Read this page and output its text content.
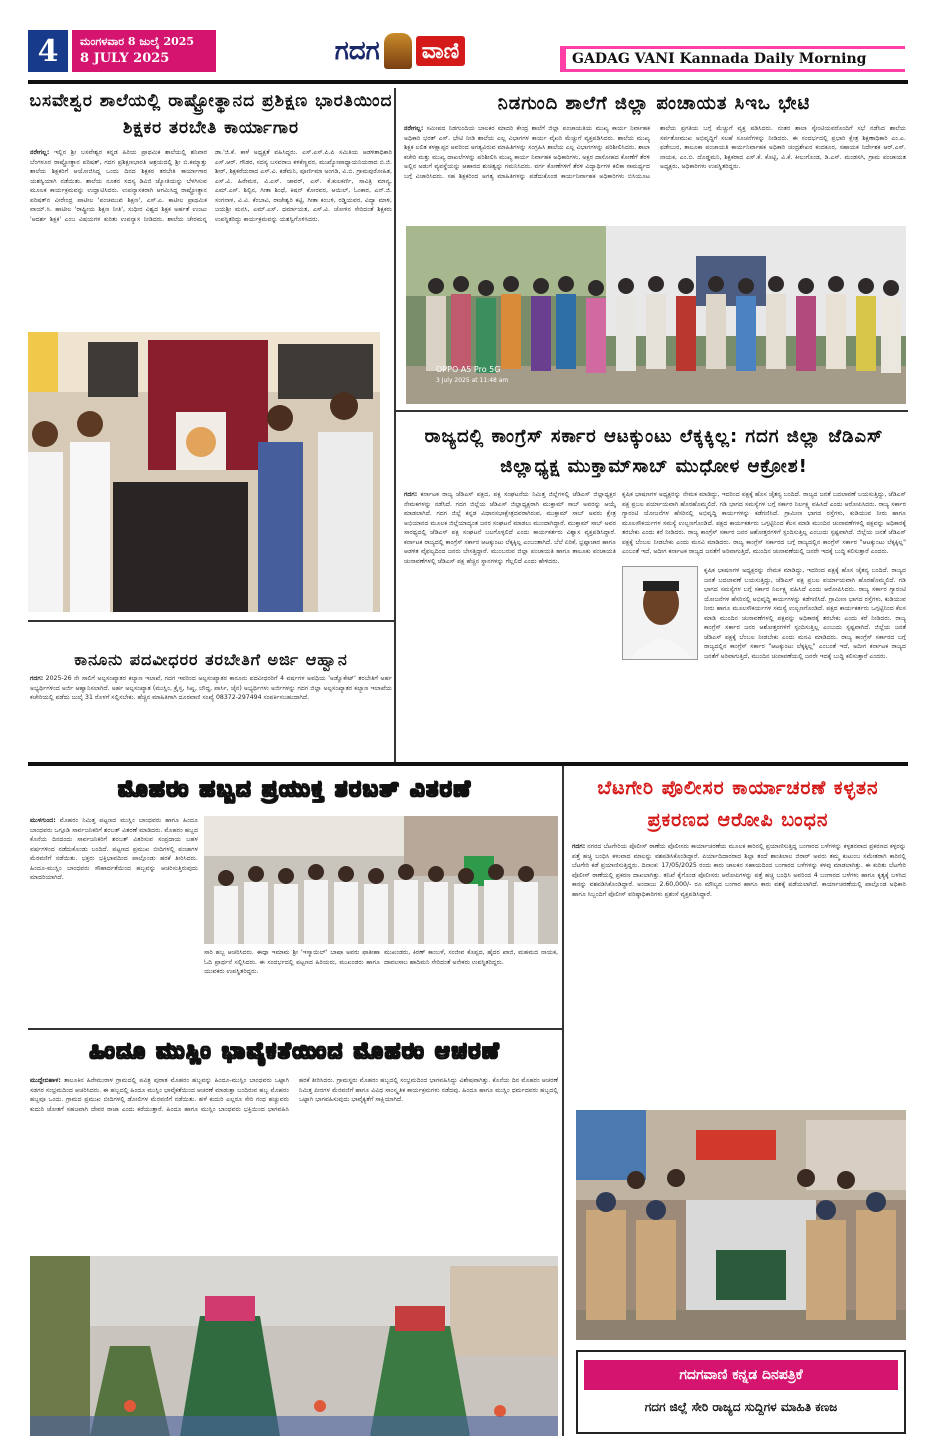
4	ಮಂಗಳವಾರ 8 ಜುಲೈ 2025
8 JULY 2025	ಗದಗ ವಾಣಿ	GADAG VANI Kannada Daily Morning
ಬಸವೇಶ್ವರ ಶಾಲೆಯಲ್ಲಿ ರಾಷ್ಟ್ರೋತ್ಥಾನದ ಪ್ರಶಿಕ್ಷಣ ಭಾರತಿಯಿಂದ ಶಿಕ್ಷಕರ ತರಬೇತಿ ಕಾರ್ಯಾಗಾರ
ನರೇಗಲ್ಲ: ಇಲ್ಲಿನ ಶ್ರೀ ಬಸವೇಶ್ವರ ಕನ್ನಡ ಹಿರಿಯ ಪ್ರಾಥಮಿಕ ಶಾಲೆಯಲ್ಲಿ ಶನಿವಾರ ಬೆಂಗಳೂರ ರಾಷ್ಟ್ರೋತ್ಥಾನ ಪರಿಷತ್, ಗದಗ ಪ್ರಶಿಕ್ಷಣಭಾರತಿ ಆಶ್ರಯದಲ್ಲಿ ಶ್ರೀ ಬಿ.ಕಮ್ಮಾತ್ತು ಶಾಲೆಯ ಶಿಕ್ಷಕರಿಗೆ ಆಯೋಜಿಸಿದ್ದ ಒಂದು ದಿನದ ಶಿಕ್ಷಕರ ತರಬೇತಿ ಕಾರ್ಯಾಗಾರ ಯಶಸ್ವಿಯಾಗಿ ನಡೆಯಿತು. ಶಾಲೆಯ ನೂತನ ಸದಸ್ಯ ಡಿವಿಜಿ ಜ್ಯೋತಿಯನ್ನು ಬೆಳಗಿಸುವ ಮೂಲಕ ಕಾರ್ಯಕ್ರಮವನ್ನು ಉದ್ಘಾಟಿಸಿದರು. ಉಪನ್ಯಾಸಕರಾಗಿ ಆಗಮಿಸಿದ್ದ ರಾಷ್ಟ್ರೋತ್ಥಾನ ಪರಿಷತ್‌ನ ವೀರೇಂದ್ರ ಪಾಟೀಲ 'ಪಂಚಮುಖಿ ಶಿಕ್ಷಣ', ಎಸ್.ಎ. ಕಾಟೀಲ ಪ್ರಾಥಮಿಕ ವಾಯ್.ಸಿ. ಹಾಟೀಲ 'ರಾಷ್ಟ್ರೀಯ ಶಿಕ್ಷಣ ನೀತಿ', ಸುಧೀರ ವಿಶ್ವದ ಶಿಕ್ಷಕ ಅರ್ಹತೆ ಉಂಟು 'ಆದರ್ಶ ಶಿಕ್ಷಕ' ಎಂಬ ವಿಷಯಗಳ ಕುರಿತು ಉಪನ್ಯಾಸ ನೀಡಿದರು. ಶಾಲೆಯ ಚೇರಮನ್ನ ಡಾ.'ಜಿ.ಕೆ. ಕಾಳೆ ಅಧ್ಯಕ್ಷತೆ ವಹಿಸಿದ್ದರು. ಎಸ್.ಎಸ್.ಪಿ.ಪಿ ಸಮಿತಿಯ ಆಡಳಿತಾಧಿಕಾರಿ ಎಸ್.ಆರ್. ಗೌಡರ, ಸದಸ್ಯ ಬಸವರಾಜ ಕಳಕೆಣ್ಣವರ, ಮುಖ್ಯೋಪಾಧ್ಯಾಯನಿಯರಾದ ಬಿ.ಜಿ. ಶೀರ್, ಶಿಕ್ಷಕರೆಯರಾದ ಎಸ್.ವಿ. ಕಡೆಮನಿ, ಪೂರ್ಣಿಮಾ ಅಂಗಡಿ, ವಿ.ಬಿ. ಗ್ರಾಮಪುರೋಹಿತ, ಎಸ್.ವಿ. ಹಿರೇಮಠ, ವಿ.ಎಸ್. ಜಾವರ್, ಎಸ್. ಕೆ.ಕುಲಕರ್ಣಿ, ಸಾವಿತ್ರಿ ಮಾನ್ಯ, ಎಮ್.ಎಸ್. ಶಿಲ್ಪಿನ, ಗೀತಾ ಶಿಂಧೆ, ಕಿಷನ್ ಕೋರವರ, ಆಯಿಲ್, ಓಂಕಾರ, ಎನ್.ಜಿ. ಸಂಗನಾಳ, ವಿ.ವಿ. ಕೆಂಬಾವಿ, ರಾಜೇಶ್ವರಿ ಕಟ್ಟಿ, ಗೀತಾ ಕಂಬಳಿ, ರಡ್ಡಿಯವರ, ವಿದ್ಯಾ ಮಾಳಿ, ಜಯಶ್ರೀ ಮನಸಿ, ಎಮ್.ಎಸ್. ಧರ್ಮಾಯತ, ಎಸ್.ವಿ. ಚೋಳಿನ ಸೇರಿದಂತೆ ಶಿಕ್ಷಕರು ಉಪಸ್ಥಿತರಿದ್ದು ಕಾರ್ಯಕ್ರಮವನ್ನು ಯಶಸ್ವಿಗೊಳಿಸಿದರು.
ನಿಡಗುಂದಿ ಶಾಲೆಗೆ ಜಿಲ್ಲಾ ಪಂಚಾಯತ ಸಿಇಒ ಭೇಟಿ
ನರೇಗಲ್ಲ: ಸಮೀಪದ ನಿಡಗುಂದಿಯ ಬಾಲಕರ ಮಾದರಿ ಕೇಂದ್ರ ಶಾಲೆಗೆ ಜಿಲ್ಲಾ ಪಂಚಾಯತಿಯ ಮುಖ್ಯ ಕಾರ್ಯ ನಿರ್ವಾಹಕ ಅಧಿಕಾರಿ ಭರತ್ ಎಸ್. ಭೇಟಿ ನೀಡಿ ಶಾಲೆಯ ಎಲ್ಲ ವಿಭಾಗಗಳ ಕಾರ್ಯ ವೈಖರಿ ಮೆಚ್ಚುಗೆ ವ್ಯಕ್ತಪಡಿಸಿದರು. ಶಾಲೆಯ ಮುಖ್ಯ ಶಿಕ್ಷಕ ಲಲಿತ ಕಳಕ್ಷಾಪ್ಪರ ಅವರಿಂದ ಅಗತ್ಯವಿರುವ ಮಾಹಿತಿಗಳನ್ನು ಸಂಗ್ರಹಿಸಿ ಶಾಲೆಯ ಎಲ್ಲ ವಿಭಾಗಗಳನ್ನು ಪರಿಶೀಲಿಸಿದರು. ಶಾಲಾ ಕಚೇರಿ ಮತ್ತು ಮುಖ್ಯ ದಾಖಲೆಗಳನ್ನು ಪರಿಶೀಲಿಸಿ ಮುಖ್ಯ ಕಾರ್ಯ ನಿರ್ವಾಹಕ ಅಧಿಕಾರಿಗಳು, ಅಕ್ಷರ ದಾಸೋಹದ ಕೋಣೆಗೆ ತೆರಳಿ ಅಲ್ಲಿನ ಅಡುಗೆ ವ್ಯವಸ್ಥೆಯನ್ನು ಆಹಾರದ ಶುಚಿತ್ವನ್ನು ಗಮನಿಸಿದರು. ವರ್ಗ ಕೋಣೆಗಳಿಗೆ ತೆರಳಿ ವಿದ್ಯಾರ್ಥಿಗಳ ಕಲಿಕಾ ಸಾಮರ್ಥ್ಯದ ಬಗ್ಗೆ ವಿಚಾರಿಸಿದರು. ಸಹ ಶಿಕ್ಷಕರಿಂದ ಅಗತ್ಯ ಮಾಹಿತಿಗಳನ್ನು ಪಡೆದುಕೊಂಡ ಕಾರ್ಯನಿರ್ವಾಹಕ ಅಧಿಕಾರಿಗಳು ಬಿಸಿಯೂಟ ಶಾಲೆಯ ಪ್ರಗತಿಯ ಬಗ್ಗೆ ಮೆಚ್ಚುಗೆ ವ್ಯಕ್ತ ಪಡಿಸಿದರು. ನಂತರ ಶಾಲಾ ಸ್ಕೇಂಟಿಯವರೊಂದಿಗೆ ಸಭೆ ನಡೆಸಿದ ಶಾಲೆಯ ಸರ್ವತೋಮುಖ ಅಭಿವೃದ್ಧಿಗೆ ಸಲಹೆ ಸೂಚನೆಗಳನ್ನು ನೀಡಿದರು. ಈ ಸಂದರ್ಭದಲ್ಲಿ ಪ್ರಭಾರಿ ಕ್ಷೇತ್ರ ಶಿಕ್ಷಣಾಧಿಕಾರಿ ಎಂ.ಎ. ಫಡೇಬುರ, ತಾಲೂಕಾ ಪಂಚಾಯತಿ ಕಾರ್ಯನಿರ್ವಾಹಕ ಅಧಿಕಾರಿ ಚಂದ್ರಶೇಖರ ಕಂದಕೂರ, ಸಹಾಯಕ ನಿರ್ದೇಶಕ ಆರ್.ಎಸ್. ನಾಯಕ, ಎಂ.ಬಿ. ದೊಡ್ಡಮನಿ, ಶಿಕ್ಷಕರಾದ ಎಸ್.ಕೆ. ಕೊಟ್ಟಿ, ವಿ.ಕೆ. ಕೀಲುಗೊಂಡ, ಡಿ.ಎಸ್. ಮಂಡಸಗಿ, ಗ್ರಾಮ ಪಂಚಾಯತ ಅಧ್ಯಕ್ಷರು, ಅಧಿಕಾರಿಗಳು ಉಪಸ್ಥಿತರಿದ್ದರು.
OPPO A5 Pro 5G
3 July 2025 at 11:48 am
ರಾಜ್ಯದಲ್ಲಿ ಕಾಂಗ್ರೆಸ್ ಸರ್ಕಾರ ಆಟಕ್ಕುಂಟು ಲೆಕ್ಕಕ್ಕಿಲ್ಲ: ಗದಗ ಜಿಲ್ಲಾ ಜೆಡಿಎಸ್ ಜಿಲ್ಲಾಧ್ಯಕ್ಷ ಮುಕ್ತಾಮ್‌ಸಾಬ್ ಮುಧೋಳ ಆಕ್ರೋಶ!
ಗದಗ: ಕರ್ನಾಟಕ ರಾಜ್ಯ ಜೆಡಿಎಸ್ ಪಕ್ಷದ, ಪಕ್ಷ ಸಂಘಟನೆಯ ನಿಮಿತ್ತ ಜಿಲ್ಲೆಗಳಲ್ಲಿ ಜೆಡಿಎಸ್ ಜಿಲ್ಲಾಧ್ಯಕ್ಷರ ನೇಮಕಗಳನ್ನು ನಡೆಸಿದೆ. ಗದಗ ಜಿಲ್ಲೆಯ ಜೆಡಿಎಸ್ ಜಿಲ್ಲಾಧ್ಯಕ್ಷರಾಗಿ ಮುಕ್ತಾಮ್ ಸಾಬ್ ಅವರನ್ನು ಆಯ್ಕೆ ಮಾಡಲಾಗಿದೆ. ಗದಗ ಜಿಲ್ಲೆ ಕನ್ನಡ ವಿಧಾನಸಭಾಕ್ಷೇತ್ರದವರಾಗಿರುವ, ಮುಕ್ತಾಮ್ ಸಾಬ್ ಅವರು ಕ್ಷೇತ್ರ ಅಭಿಯಾನದ ಮೂಲಕ ಜಿಲ್ಲೆಯಾದ್ಯಂತ ಜನರ ಸಂಘಟನೆ ಮಾಡಲು ಮುಂದಾಗಿದ್ದಾರೆ. ಮುಕ್ತಾಮ್ ಸಾಬ್ ಅವರ ಸಾರಥ್ಯದಲ್ಲಿ ಜೆಡಿಎಸ್ ಪಕ್ಷ ಸಂಘಟನೆ ಬಲಗೊಳ್ಳಲಿದೆ ಎಂದು ಕಾರ್ಯಕರ್ತರು ವಿಶ್ವಾಸ ವ್ಯಕ್ತಪಡಿಸಿದ್ದಾರೆ. ಕರ್ನಾಟಕ ರಾಜ್ಯದಲ್ಲಿ ಕಾಂಗ್ರೆಸ್ ಸರ್ಕಾರ ಆಟಕ್ಕುಂಟು ಲೆಕ್ಕಕ್ಕಿಲ್ಲ ಎಂಬಂತಾಗಿದೆ. ಬೆಲೆ ಏರಿಕೆ, ಭ್ರಷ್ಟಾಚಾರ ಹಾಗೂ ಆಡಳಿತ ವೈಫಲ್ಯದಿಂದ ಜನರು ಬೇಸತ್ತಿದ್ದಾರೆ. ಮುಂಬರುವ ಜಿಲ್ಲಾ ಪಂಚಾಯತಿ ಹಾಗೂ ತಾಲೂಕು ಪಂಚಾಯತಿ ಚುನಾವಣೆಗಳಲ್ಲಿ ಜೆಡಿಎಸ್ ಪಕ್ಷ ಹೆಚ್ಚಿನ ಸ್ಥಾನಗಳನ್ನು ಗೆಲ್ಲಲಿದೆ ಎಂದು ಹೇಳಿದರು.
ಕೃಷಿಕ ಭಾಷಣಗಳ ಅಧ್ಯಕ್ಷರನ್ನು ನೇಮಕ ಮಾಡಿದ್ದು, ಇದರಿಂದ ಪಕ್ಷಕ್ಕೆ ಹೊಸ ಚೈತನ್ಯ ಬಂದಿದೆ. ರಾಜ್ಯದ ಜನತೆ ಬದಲಾವಣೆ ಬಯಸುತ್ತಿದ್ದು, ಜೆಡಿಎಸ್ ಪಕ್ಷ ಪ್ರಬಲ ಪರ್ಯಾಯವಾಗಿ ಹೊರಹೊಮ್ಮಲಿದೆ. ಗಡಿ ಭಾಗದ ಸಮಸ್ಯೆಗಳ ಬಗ್ಗೆ ಸರ್ಕಾರ ನಿರ್ಲಕ್ಷ್ಯ ವಹಿಸಿದೆ ಎಂದು ಆರೋಪಿಸಿದರು. ರಾಜ್ಯ ಸರ್ಕಾರ ಗ್ಯಾರಂಟಿ ಯೋಜನೆಗಳ ಹೆಸರಿನಲ್ಲಿ ಅಭಿವೃದ್ಧಿ ಕಾರ್ಯಗಳನ್ನು ಕಡೆಗಣಿಸಿದೆ. ಗ್ರಾಮೀಣ ಭಾಗದ ರಸ್ತೆಗಳು, ಕುಡಿಯುವ ನೀರು ಹಾಗೂ ಮೂಲಸೌಕರ್ಯಗಳ ಸಮಸ್ಯೆ ಉಲ್ಬಣಗೊಂಡಿದೆ. ಪಕ್ಷದ ಕಾರ್ಯಕರ್ತರು ಒಗ್ಗಟ್ಟಿನಿಂದ ಕೆಲಸ ಮಾಡಿ ಮುಂದಿನ ಚುನಾವಣೆಗಳಲ್ಲಿ ಪಕ್ಷವನ್ನು ಅಧಿಕಾರಕ್ಕೆ ತರಬೇಕು ಎಂದು ಕರೆ ನೀಡಿದರು. ರಾಜ್ಯ ಕಾಂಗ್ರೆಸ್ ಸರ್ಕಾರ ಜನರ ಆಶೋತ್ತರಗಳಿಗೆ ಸ್ಪಂದಿಸುತ್ತಿಲ್ಲ ಎಂಬುದು ಸ್ಪಷ್ಟವಾಗಿದೆ. ಜಿಲ್ಲೆಯ ಜನತೆ ಜೆಡಿಎಸ್ ಪಕ್ಷಕ್ಕೆ ಬೆಂಬಲ ನೀಡಬೇಕು ಎಂದು ಮನವಿ ಮಾಡಿದರು. ರಾಜ್ಯ ಕಾಂಗ್ರೆಸ್ ಸರ್ಕಾರದ ಬಗ್ಗೆ ರಾಜ್ಯದಲ್ಲಿನ ಕಾಂಗ್ರೆಸ್ ಸರ್ಕಾರ "ಆಟಕ್ಕುಂಟು ಲೆಕ್ಕಕ್ಕಿಲ್ಲ" ಎಂಬಂತೆ ಇದೆ, ಅದೀಗ ಕರ್ನಾಟಕ ರಾಜ್ಯದ ಜನತೆಗೆ ಅರಿವಾಗುತ್ತಿದೆ, ಮುಂದಿನ ಚುನಾವಣೆಯಲ್ಲಿ ಜನರೇ ಇದಕ್ಕೆ ಬುದ್ಧಿ ಕಲಿಸುತ್ತಾರೆ ಎಂದರು.
ಕೃಷಿಕ ಭಾಷಣಗಳ ಅಧ್ಯಕ್ಷರನ್ನು ನೇಮಕ ಮಾಡಿದ್ದು, ಇದರಿಂದ ಪಕ್ಷಕ್ಕೆ ಹೊಸ ಚೈತನ್ಯ ಬಂದಿದೆ. ರಾಜ್ಯದ ಜನತೆ ಬದಲಾವಣೆ ಬಯಸುತ್ತಿದ್ದು, ಜೆಡಿಎಸ್ ಪಕ್ಷ ಪ್ರಬಲ ಪರ್ಯಾಯವಾಗಿ ಹೊರಹೊಮ್ಮಲಿದೆ. ಗಡಿ ಭಾಗದ ಸಮಸ್ಯೆಗಳ ಬಗ್ಗೆ ಸರ್ಕಾರ ನಿರ್ಲಕ್ಷ್ಯ ವಹಿಸಿದೆ ಎಂದು ಆರೋಪಿಸಿದರು. ರಾಜ್ಯ ಸರ್ಕಾರ ಗ್ಯಾರಂಟಿ ಯೋಜನೆಗಳ ಹೆಸರಿನಲ್ಲಿ ಅಭಿವೃದ್ಧಿ ಕಾರ್ಯಗಳನ್ನು ಕಡೆಗಣಿಸಿದೆ. ಗ್ರಾಮೀಣ ಭಾಗದ ರಸ್ತೆಗಳು, ಕುಡಿಯುವ ನೀರು ಹಾಗೂ ಮೂಲಸೌಕರ್ಯಗಳ ಸಮಸ್ಯೆ ಉಲ್ಬಣಗೊಂಡಿದೆ. ಪಕ್ಷದ ಕಾರ್ಯಕರ್ತರು ಒಗ್ಗಟ್ಟಿನಿಂದ ಕೆಲಸ ಮಾಡಿ ಮುಂದಿನ ಚುನಾವಣೆಗಳಲ್ಲಿ ಪಕ್ಷವನ್ನು ಅಧಿಕಾರಕ್ಕೆ ತರಬೇಕು ಎಂದು ಕರೆ ನೀಡಿದರು. ರಾಜ್ಯ ಕಾಂಗ್ರೆಸ್ ಸರ್ಕಾರ ಜನರ ಆಶೋತ್ತರಗಳಿಗೆ ಸ್ಪಂದಿಸುತ್ತಿಲ್ಲ ಎಂಬುದು ಸ್ಪಷ್ಟವಾಗಿದೆ. ಜಿಲ್ಲೆಯ ಜನತೆ ಜೆಡಿಎಸ್ ಪಕ್ಷಕ್ಕೆ ಬೆಂಬಲ ನೀಡಬೇಕು ಎಂದು ಮನವಿ ಮಾಡಿದರು. ರಾಜ್ಯ ಕಾಂಗ್ರೆಸ್ ಸರ್ಕಾರದ ಬಗ್ಗೆ ರಾಜ್ಯದಲ್ಲಿನ ಕಾಂಗ್ರೆಸ್ ಸರ್ಕಾರ "ಆಟಕ್ಕುಂಟು ಲೆಕ್ಕಕ್ಕಿಲ್ಲ" ಎಂಬಂತೆ ಇದೆ, ಅದೀಗ ಕರ್ನಾಟಕ ರಾಜ್ಯದ ಜನತೆಗೆ ಅರಿವಾಗುತ್ತಿದೆ, ಮುಂದಿನ ಚುನಾವಣೆಯಲ್ಲಿ ಜನರೇ ಇದಕ್ಕೆ ಬುದ್ಧಿ ಕಲಿಸುತ್ತಾರೆ ಎಂದರು.
ಕಾನೂನು ಪದವೀಧರರ ತರಬೇತಿಗೆ ಅರ್ಜಿ ಆಹ್ವಾನ
ಗದಗ: 2025-26 ನೇ ಸಾಲಿಗೆ ಅಲ್ಪಸಂಖ್ಯಾತರ ಕಲ್ಯಾಣ ಇಲಾಖೆ, ಗದಗ ಇವರಿಂದ ಅಲ್ಪಸಂಖ್ಯಾತರ ಕಾನೂನು ಪದವೀಧರರಿಗೆ 4 ವರ್ಷಗಳ ಅವಧಿಯ 'ಅಡ್ವೊಕೇಟ್' ತರಬೇತಿಗೆ ಅರ್ಹ ಅಭ್ಯರ್ಥಿಗಳಿಂದ ಅರ್ಜಿ ಆಹ್ವಾನಿಸಲಾಗಿದೆ. ಅರ್ಹ ಅಲ್ಪಸಂಖ್ಯಾತ (ಮುಸ್ಲಿಂ, ಕ್ರೈಸ್ತ, ಸಿಖ್ಖ, ಬೌದ್ಧ, ಪಾರ್ಸಿ, ಜೈನ) ಅಭ್ಯರ್ಥಿಗಳು ಅರ್ಜಿಗಳನ್ನು ಗದಗ ಜಿಲ್ಲಾ ಅಲ್ಪಸಂಖ್ಯಾತರ ಕಲ್ಯಾಣ ಇಲಾಖೆಯ ಕಚೇರಿಯಲ್ಲಿ ಪಡೆದು ಜುಲೈ 31 ರೊಳಗೆ ಸಲ್ಲಿಸಬೇಕು. ಹೆಚ್ಚಿನ ಮಾಹಿತಿಗಾಗಿ ದೂರವಾಣಿ ಸಂಖ್ಯೆ 08372-297494 ಸಂಪರ್ಕಿಸಬಹುದಾಗಿದೆ.
ಮೊಹರಂ ಹಬ್ಬದ ಪ್ರಯುಕ್ತ ಶರಬತ್ ವಿತರಣೆ
ಮುಳಗುಂದ: ಮೊಹರಂ ನಿಮಿತ್ತ ಪಟ್ಟಣದ ಮುಸ್ಲಿಂ ಬಾಂಧವರು ಹಾಗೂ ಹಿಂದೂ ಬಾಂಧವರು ಒಗ್ಗೂಡಿ ಸಾರ್ವಜನಿಕರಿಗೆ ಶರಬತ್ ವಿತರಣೆ ಮಾಡಿದರು. ಮೊಹರಂ ಹಬ್ಬದ ಕೊನೆಯ ದಿನದಂದು ಸಾರ್ವಜನಿಕರಿಗೆ ಶರಬತ್ ವಿತರಿಸುವ ಸಂಪ್ರದಾಯ ಬಹಳ ವರ್ಷಗಳಿಂದ ನಡೆದುಕೊಂಡು ಬಂದಿದೆ. ಪಟ್ಟಣದ ಪ್ರಮುಖ ಬೀದಿಗಳಲ್ಲಿ ಪಂಜಾಗಳ ಮೆರವಣಿಗೆ ನಡೆಯಿತು. ಭಕ್ತರು ಭಕ್ತಿಭಾವದಿಂದ ಪಾಲ್ಗೊಂಡು ಹರಕೆ ತೀರಿಸಿದರು. ಹಿಂದೂ-ಮುಸ್ಲಿಂ ಬಾಂಧವರು ಸೌಹಾರ್ದತೆಯಿಂದ ಹಬ್ಬವನ್ನು ಆಚರಿಸುತ್ತಿರುವುದು ಮಾದರಿಯಾಗಿದೆ.
ಸಾರಿ ಹಬ್ಬ ಆಚರಿಸಿದರು. ಈದ್ಗಾ ಇಮಾಮ ಶ್ರೀ 'ಇಸ್ಮಾಯಿಲ್' ಬಾಷಾ ಅವರು ಫಾತೀಹಾ ಓದಿ ಪ್ರಾರ್ಥನೆ ಸಲ್ಲಿಸಿದರು. ಈ ಸಂದರ್ಭದಲ್ಲಿ ಪಟ್ಟಣದ ಹಿರಿಯರು, ಮುಖಂಡರು ಹಾಗೂ ಯುವಕರು ಉಪಸ್ಥಿತರಿದ್ದರು.
ಮುಖಂಡರು, ಕಿರಣ್ ಕಾಂಬಳೆ, ಸಂಜೀವ ಕೊಪ್ಪದ, ಹೈದರ ಖಾಜಿ, ಮಹಮದ ನಾಯಕ, ದಾವಲಸಾಬ ಹಾದಿಮನಿ ಸೇರಿದಂತೆ ಅನೇಕರು ಉಪಸ್ಥಿತರಿದ್ದರು.
ಬೆಟಗೇರಿ ಪೊಲೀಸರ ಕಾರ್ಯಾಚರಣೆ ಕಳ್ಳತನ ಪ್ರಕರಣದ ಆರೋಪಿ ಬಂಧನ
ಗದಗ: ನಗರದ ಬೆಟಗೇರಿಯ ಪೊಲೀಸ್ ಠಾಣೆಯ ಪೊಲೀಸರು ಕಾರ್ಯಾಚರಣೆಯ ಮೂಲಕ ಕಾರಿನಲ್ಲಿ ಪ್ರಯಾಣಿಸುತ್ತಿದ್ದ ಬಂಗಾರದ ಬಳೆಗಳನ್ನು ಕಳ್ಳತನವಾದ ಪ್ರಕರಣದ ಕಳ್ಳರನ್ನು ಪತ್ತೆ ಹಚ್ಚಿ ಬಂಧಿಸಿ ಕಳುವಾದ ಮಾಲನ್ನು ವಶಪಡಿಸಿಕೊಂಡಿದ್ದಾರೆ. ಪಿರ್ಯಾದಿದಾರರಾದ ಶಿಲ್ಪಾ ತಂದೆ ಶಾಂತಿಲಾಲ ಜಿರಾರ್ ಅವರು ತಮ್ಮ ಕುಟುಂಬ ಸಮೇತರಾಗಿ ಕಾರಿನಲ್ಲಿ ಬೆಟಗೇರಿ ಕಡೆ ಪ್ರಯಾಣಿಸುತ್ತಿದ್ದರು. ದಿನಾಂಕ: 17/05/2025 ರಂದು ಕಾರು ಚಾಲಕನ ಸಹಾಯದಿಂದ ಬಂಗಾರದ ಬಳೆಗಳನ್ನು ಕಳವು ಮಾಡಲಾಗಿತ್ತು. ಈ ಕುರಿತು ಬೆಟಗೇರಿ ಪೊಲೀಸ್ ಠಾಣೆಯಲ್ಲಿ ಪ್ರಕರಣ ದಾಖಲಾಗಿತ್ತು. ತನಿಖೆ ಕೈಗೊಂಡ ಪೊಲೀಸರು ಆರೋಪಿಗಳನ್ನು ಪತ್ತೆ ಹಚ್ಚಿ ಬಂಧಿಸಿ ಅವರಿಂದ 4 ಬಂಗಾರದ ಬಳೆಗಳು ಹಾಗೂ ಕೃತ್ಯಕ್ಕೆ ಬಳಸಿದ ಕಾರನ್ನು ವಶಪಡಿಸಿಕೊಂಡಿದ್ದಾರೆ. ಅಂದಾಜು 2.60,000/- ರೂ ಮೌಲ್ಯದ ಬಂಗಾರ ಹಾಗೂ ಕಾರು ವಶಕ್ಕೆ ಪಡೆಯಲಾಗಿದೆ. ಕಾರ್ಯಾಚರಣೆಯಲ್ಲಿ ಪಾಲ್ಗೊಂಡ ಅಧಿಕಾರಿ ಹಾಗೂ ಸಿಬ್ಬಂದಿಗೆ ಪೊಲೀಸ್ ವರಿಷ್ಠಾಧಿಕಾರಿಗಳು ಪ್ರಶಂಸೆ ವ್ಯಕ್ತಪಡಿಸಿದ್ದಾರೆ.
ಹಿಂದೂ ಮುಸ್ಲಿಂ ಭಾವೈಕತೆಯಿಂದ ಮೊಹರಂ ಆಚರಣೆ
ಮುದ್ದೇಬಿಹಾಳ: ತಾಲೂಕಿನ ಹಿರೇಮುರಾಳ ಗ್ರಾಮದಲ್ಲಿ ಪವಿತ್ರ ಪುರಾತ ಮೊಹರಂ ಹಬ್ಬವನ್ನು ಹಿಂದೂ-ಮುಸ್ಲಿಂ ಬಾಂಧವರು ಒಟ್ಟಾಗಿ ಸಡಗರ ಸಂಭ್ರಮದಿಂದ ಆಚರಿಸಿದರು. ಈ ಹಬ್ಬದಲ್ಲಿ ಹಿಂದೂ ಮುಸ್ಲಿಂ ಭಾವೈಕತೆಯಿಂದ ಆಚರಣೆ ಮಾಡುತ್ತಾ ಬಂದಿರುವ ಹಬ್ಬ ಮೊಹರಂ ಹಬ್ಬವೂ ಒಂದು. ಗ್ರಾಮದ ಪ್ರಮುಖ ಬೀದಿಗಳಲ್ಲಿ ಡೋಲಿಗಳ ಮೆರವಣಿಗೆ ನಡೆಯಿತು. ಹಳೆ ಕುದುರಿ ಎಲ್ಲರೂ ಸೇರಿ ಗಂಧ ಹಚ್ಚುವರು ಕುದುರಿ ಜೋತಗೆ ಸಹಜವಾಗಿ ದೇವರ ರಾಜಾ ಎಂದು ಕರೆಯುತ್ತಾರೆ. ಹಿಂದೂ ಹಾಗೂ ಮುಸ್ಲಿಂ ಬಾಂಧವರು ಭಕ್ತಿಯಿಂದ ಭಾಗವಹಿಸಿ ಹರಕೆ ತೀರಿಸಿದರು. ಗ್ರಾಮಸ್ಥರು ಮೊಹರಂ ಹಬ್ಬದಲ್ಲಿ ಸಂಭ್ರಮದಿಂದ ಭಾಗವಹಿಸಿದ್ದು ವಿಶೇಷವಾಗಿತ್ತು. ಕೊನೆಯ ದಿನ ಮೊಹರಂ ಆಚರಣೆ ನಿಮಿತ್ತ ಪೀರಗಳ ಮೆರವಣಿಗೆ ಹಾಗೂ ವಿವಿಧ ಸಾಂಸ್ಕೃತಿಕ ಕಾರ್ಯಕ್ರಮಗಳು ನಡೆದವು. ಹಿಂದೂ ಹಾಗೂ ಮುಸ್ಲಿಂ ಧರ್ಮದವರು ಹಬ್ಬದಲ್ಲಿ ಒಟ್ಟಾಗಿ ಭಾಗವಹಿಸುವುದು ಭಾವೈಕ್ಯತೆಗೆ ಸಾಕ್ಷಿಯಾಗಿದೆ.
ಗದಗವಾಣಿ ಕನ್ನಡ ದಿನಪತ್ರಿಕೆ
ಗದಗ ಜಿಲ್ಲೆ ಸೇರಿ ರಾಜ್ಯದ ಸುದ್ದಿಗಳ ಮಾಹಿತಿ ಕಣಜ
